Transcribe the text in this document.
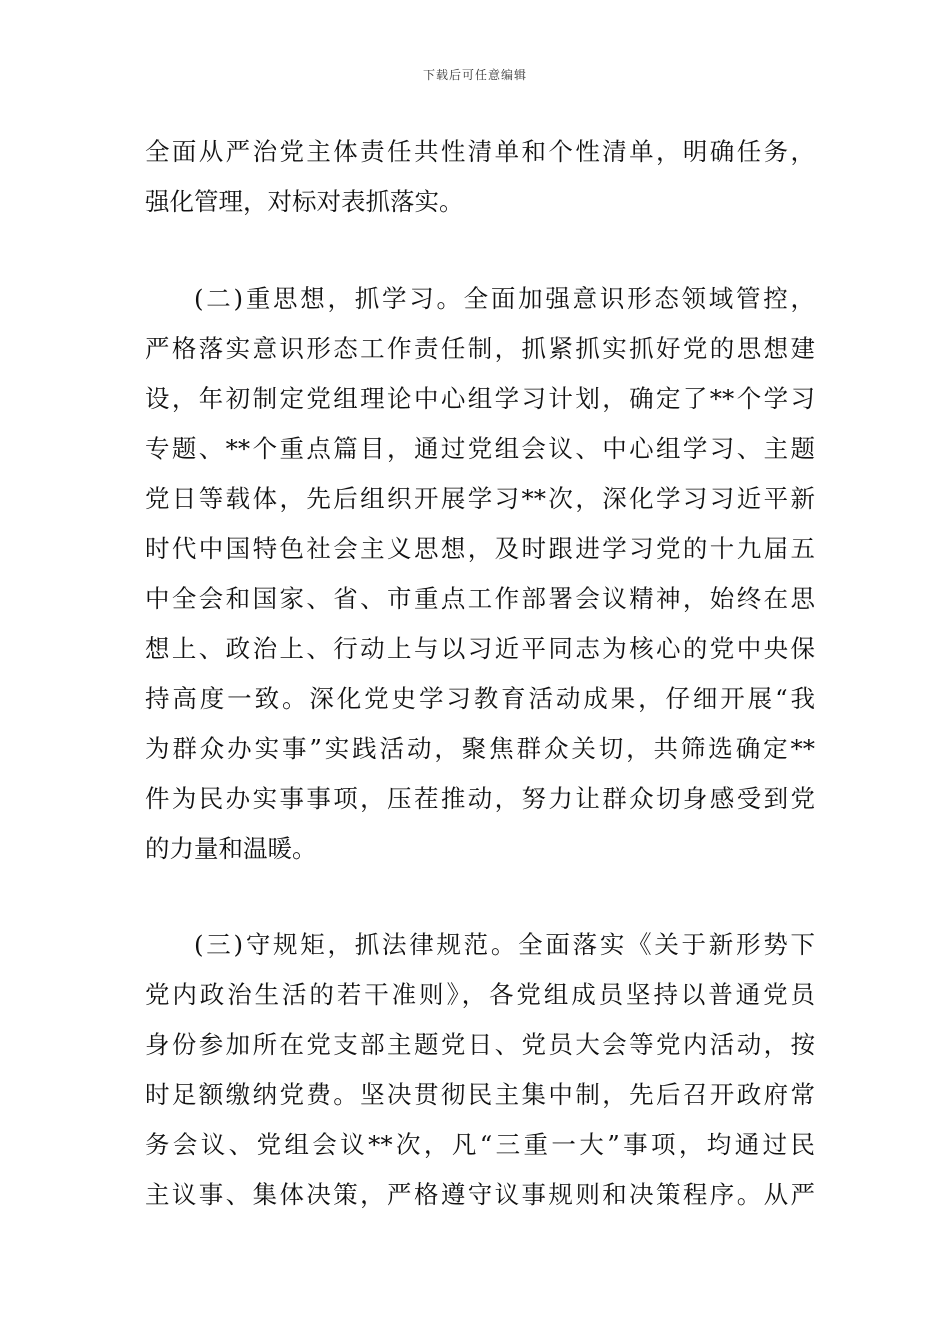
下载后可任意编辑
全面从严治党主体责任共性清单和个性清单，明确任务，
强化管理，对标对表抓落实。
(二)重思想，抓学习。全面加强意识形态领域管控，
严格落实意识形态工作责任制，抓紧抓实抓好党的思想建
设，年初制定党组理论中心组学习计划，确定了**个学习
专题、**个重点篇目，通过党组会议、中心组学习、主题
党日等载体，先后组织开展学习**次，深化学习习近平新
时代中国特色社会主义思想，及时跟进学习党的十九届五
中全会和国家、省、市重点工作部署会议精神，始终在思
想上、政治上、行动上与以习近平同志为核心的党中央保
持高度一致。深化党史学习教育活动成果，仔细开展“我
为群众办实事”实践活动，聚焦群众关切，共筛选确定**
件为民办实事事项，压茬推动，努力让群众切身感受到党
的力量和温暖。
(三)守规矩，抓法律规范。全面落实《关于新形势下
党内政治生活的若干准则》，各党组成员坚持以普通党员
身份参加所在党支部主题党日、党员大会等党内活动，按
时足额缴纳党费。坚决贯彻民主集中制，先后召开政府常
务会议、党组会议**次，凡“三重一大”事项，均通过民
主议事、集体决策，严格遵守议事规则和决策程序。从严
